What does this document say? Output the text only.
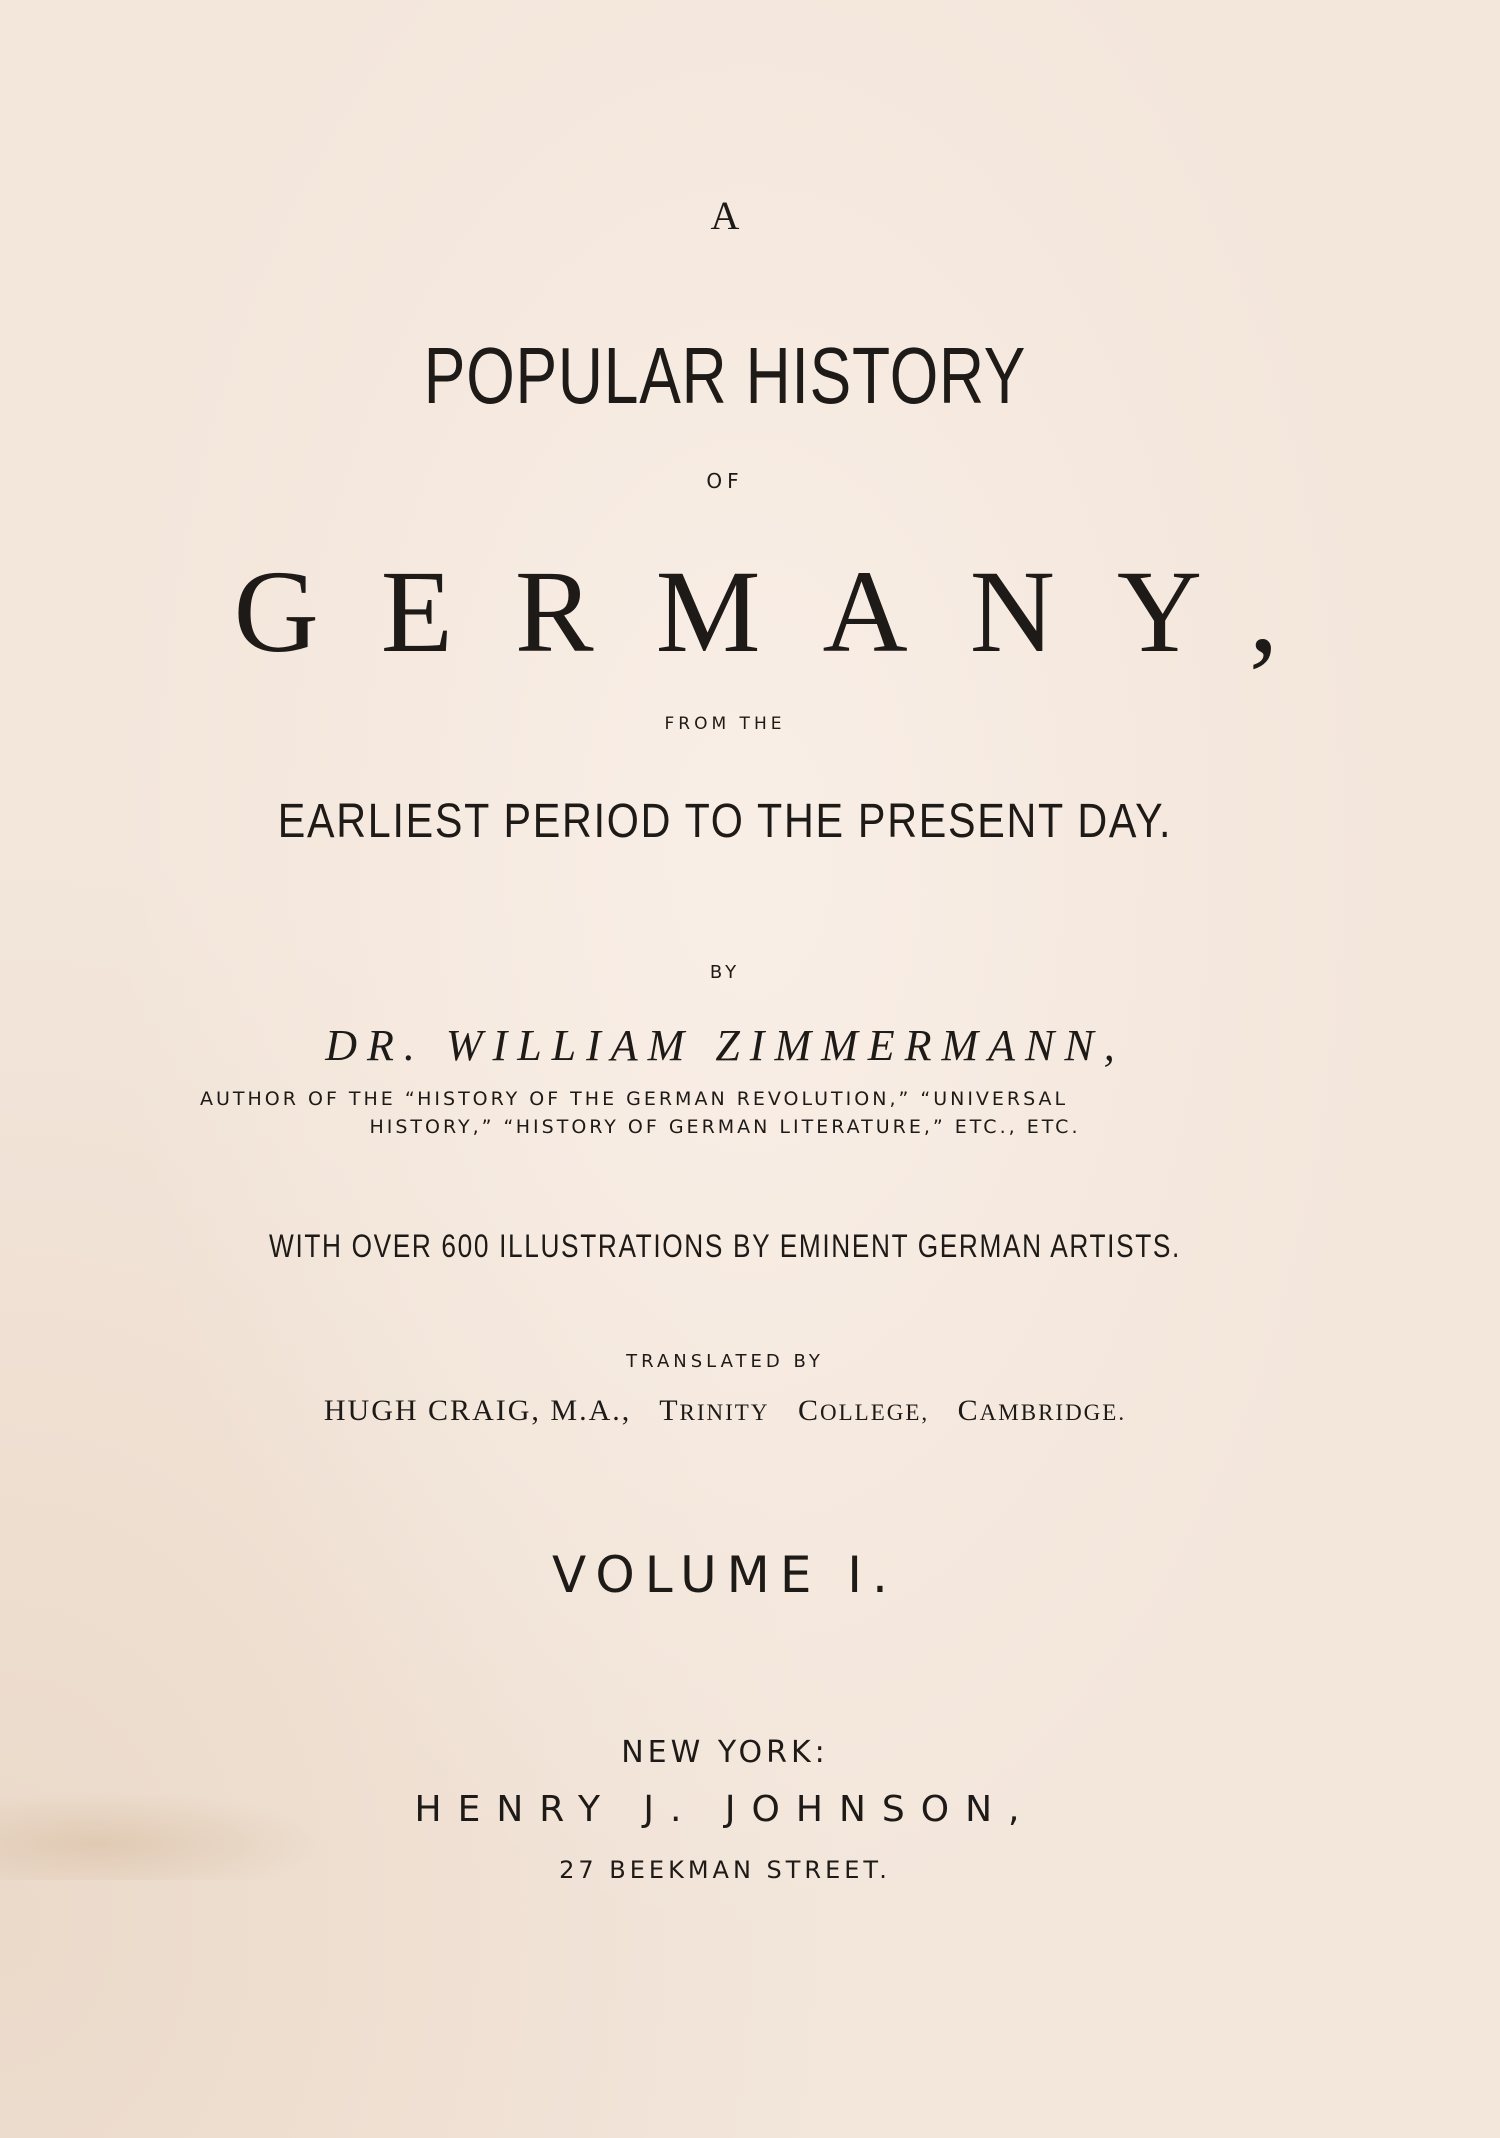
A
POPULAR HISTORY
OF
GERMANY,
FROM THE
EARLIEST PERIOD TO THE PRESENT DAY.
BY
DR. WILLIAM ZIMMERMANN,
AUTHOR OF THE “HISTORY OF THE GERMAN REVOLUTION,” “UNIVERSAL
HISTORY,” “HISTORY OF GERMAN LITERATURE,” ETC., ETC.
WITH OVER 600 ILLUSTRATIONS BY EMINENT GERMAN ARTISTS.
TRANSLATED BY
HUGH CRAIG, M.A., TRINITY COLLEGE, CAMBRIDGE.
VOLUME I.
NEW YORK:
HENRY J. JOHNSON,
27 BEEKMAN STREET.
